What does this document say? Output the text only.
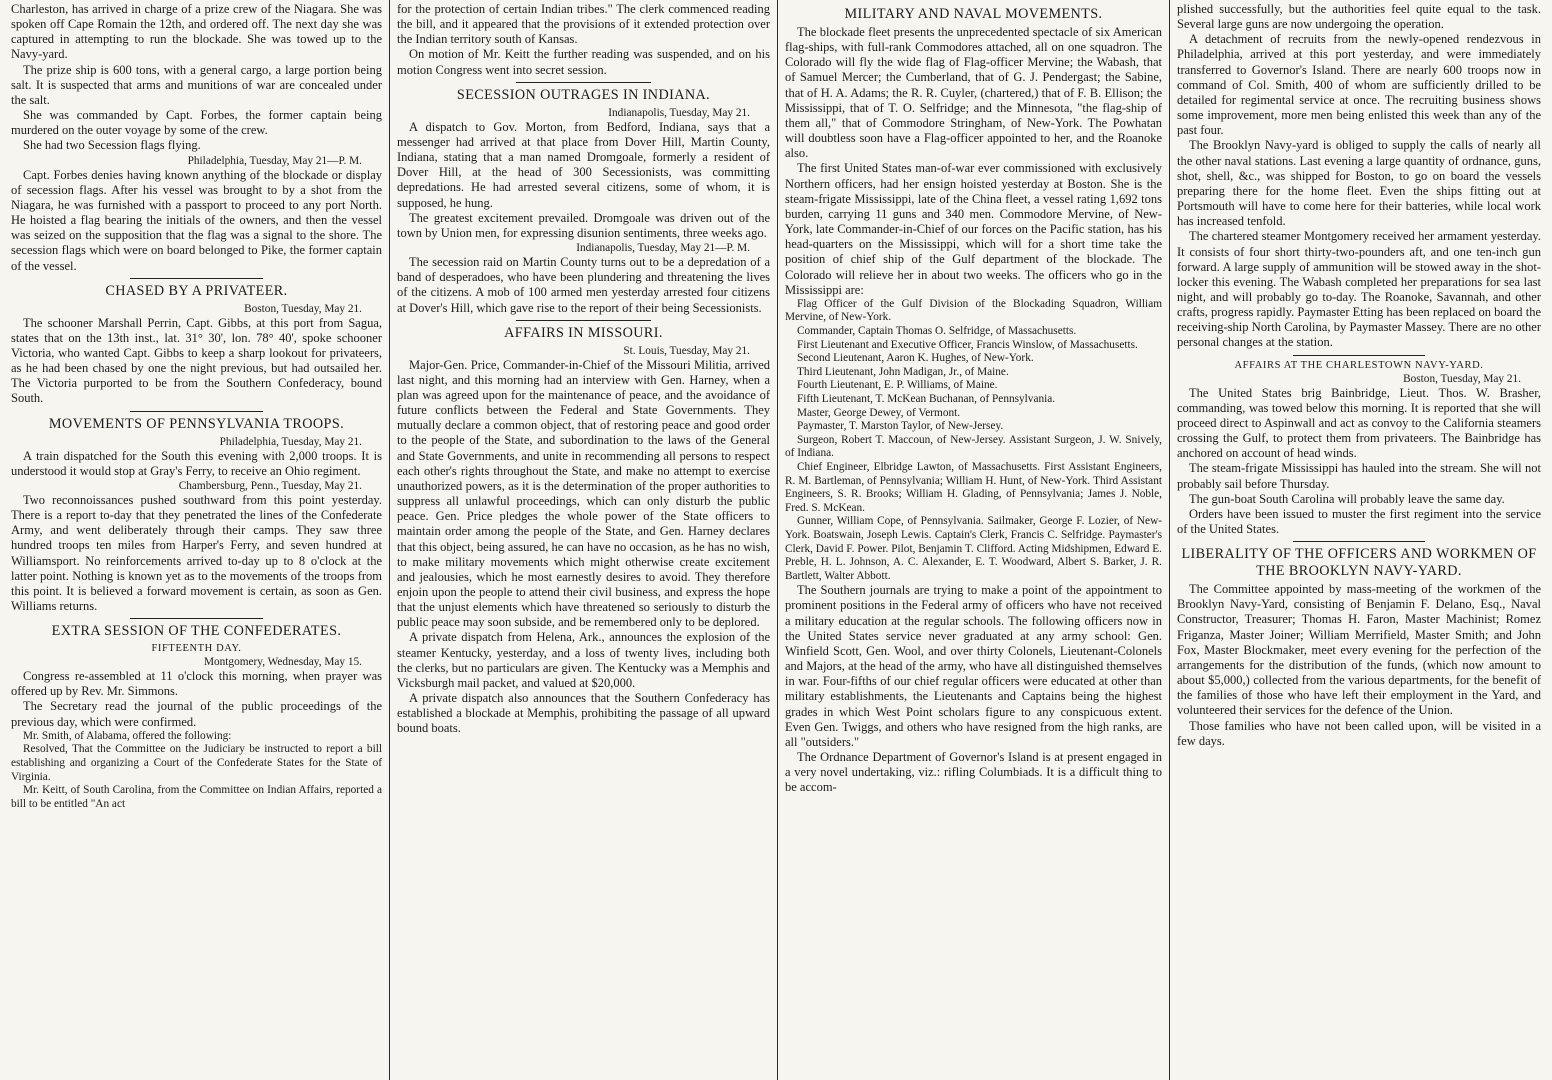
Charleston, has arrived in charge of a prize crew of the Niagara. She was spoken off Cape Romain the 12th, and ordered off. The next day she was captured in attempting to run the blockade. She was towed up to the Navy-yard.

The prize ship is 600 tons, with a general cargo, a large portion being salt. It is suspected that arms and munitions of war are concealed under the salt.

She was commanded by Capt. Forbes, the former captain being murdered on the outer voyage by some of the crew.

She had two Secession flags flying.

Philadelphia, Tuesday, May 21—P. M.

Capt. Forbes denies having known anything of the blockade or display of secession flags. After his vessel was brought to by a shot from the Niagara, he was furnished with a passport to proceed to any port North. He hoisted a flag bearing the initials of the owners, and then the vessel was seized on the supposition that the flag was a signal to the shore. The secession flags which were on board belonged to Pike, the former captain of the vessel.

CHASED BY A PRIVATEER.
Boston, Tuesday, May 21.

The schooner Marshall Perrin, Capt. Gibbs, at this port from Sagua, states that on the 13th inst., lat. 31° 30', lon. 78° 40', spoke schooner Victoria, who wanted Capt. Gibbs to keep a sharp lookout for privateers, as he had been chased by one the night previous, but had outsailed her. The Victoria purported to be from the Southern Confederacy, bound South.

MOVEMENTS OF PENNSYLVANIA TROOPS.
Philadelphia, Tuesday, May 21.

A train dispatched for the South this evening with 2,000 troops. It is understood it would stop at Gray's Ferry, to receive an Ohio regiment.

Chambersburg, Penn., Tuesday, May 21.

Two reconnoissances pushed southward from this point yesterday. There is a report to-day that they penetrated the lines of the Confederate Army, and went deliberately through their camps. They saw three hundred troops ten miles from Harper's Ferry, and seven hundred at Williamsport. No reinforcements arrived to-day up to 8 o'clock at the latter point. Nothing is known yet as to the movements of the troops from this point. It is believed a forward movement is certain, as soon as Gen. Williams returns.

EXTRA SESSION OF THE CONFEDERATES.
FIFTEENTH DAY.
Montgomery, Wednesday, May 15.

Congress re-assembled at 11 o'clock this morning, when prayer was offered up by Rev. Mr. Simmons.

The Secretary read the journal of the public proceedings of the previous day, which were confirmed.

Mr. Smith, of Alabama, offered the following:

Resolved, That the Committee on the Judiciary be instructed to report a bill establishing and organizing a Court of the Confederate States for the State of Virginia.

Mr. Keitt, of South Carolina, from the Committee on Indian Affairs, reported a bill to be entitled "An act

for the protection of certain Indian tribes." The clerk commenced reading the bill, and it appeared that the provisions of it extended protection over the Indian territory south of Kansas.

On motion of Mr. Keitt the further reading was suspended, and on his motion Congress went into secret session.

SECESSION OUTRAGES IN INDIANA.
Indianapolis, Tuesday, May 21.

A dispatch to Gov. Morton, from Bedford, Indiana, says that a messenger had arrived at that place from Dover Hill, Martin County, Indiana, stating that a man named Dromgoale, formerly a resident of Dover Hill, at the head of 300 Secessionists, was committing depredations. He had arrested several citizens, some of whom, it is supposed, he hung.

The greatest excitement prevailed. Dromgoale was driven out of the town by Union men, for expressing disunion sentiments, three weeks ago.

Indianapolis, Tuesday, May 21—P. M.

The secession raid on Martin County turns out to be a depredation of a band of desperadoes, who have been plundering and threatening the lives of the citizens. A mob of 100 armed men yesterday arrested four citizens at Dover's Hill, which gave rise to the report of their being Secessionists.

AFFAIRS IN MISSOURI.
St. Louis, Tuesday, May 21.

Major-Gen. Price, Commander-in-Chief of the Missouri Militia, arrived last night, and this morning had an interview with Gen. Harney, when a plan was agreed upon for the maintenance of peace, and the avoidance of future conflicts between the Federal and State Governments. They mutually declare a common object, that of restoring peace and good order to the people of the State, and subordination to the laws of the General and State Governments, and unite in recommending all persons to respect each other's rights throughout the State, and make no attempt to exercise unauthorized powers, as it is the determination of the proper authorities to suppress all unlawful proceedings, which can only disturb the public peace. Gen. Price pledges the whole power of the State officers to maintain order among the people of the State, and Gen. Harney declares that this object, being assured, he can have no occasion, as he has no wish, to make military movements which might otherwise create excitement and jealousies, which he most earnestly desires to avoid. They therefore enjoin upon the people to attend their civil business, and express the hope that the unjust elements which have threatened so seriously to disturb the public peace may soon subside, and be remembered only to be deplored.

A private dispatch from Helena, Ark., announces the explosion of the steamer Kentucky, yesterday, and a loss of twenty lives, including both the clerks, but no particulars are given. The Kentucky was a Memphis and Vicksburgh mail packet, and valued at $20,000.

A private dispatch also announces that the Southern Confederacy has established a blockade at Memphis, prohibiting the passage of all upward bound boats.

MILITARY AND NAVAL MOVEMENTS.

The blockade fleet presents the unprecedented spectacle of six American flag-ships, with full-rank Commodores attached, all on one squadron. The Colorado will fly the wide flag of Flag-officer Mervine; the Wabash, that of Samuel Mercer; the Cumberland, that of G. J. Pendergast; the Sabine, that of H. A. Adams; the R. R. Cuyler, (chartered,) that of F. B. Ellison; the Mississippi, that of T. O. Selfridge; and the Minnesota, "the flag-ship of them all," that of Commodore Stringham, of New-York. The Powhatan will doubtless soon have a Flag-officer appointed to her, and the Roanoke also.

The first United States man-of-war ever commissioned with exclusively Northern officers, had her ensign hoisted yesterday at Boston. She is the steam-frigate Mississippi, late of the China fleet, a vessel rating 1,692 tons burden, carrying 11 guns and 340 men. Commodore Mervine, of New-York, late Commander-in-Chief of our forces on the Pacific station, has his head-quarters on the Mississippi, which will for a short time take the position of chief ship of the Gulf department of the blockade. The Colorado will relieve her in about two weeks. The officers who go in the Mississippi are:

Flag Officer of the Gulf Division of the Blockading Squadron, William Mervine, of New-York.

Commander, Captain Thomas O. Selfridge, of Massachusetts.

First Lieutenant and Executive Officer, Francis Winslow, of Massachusetts.

Second Lieutenant, Aaron K. Hughes, of New-York.

Third Lieutenant, John Madigan, Jr., of Maine.

Fourth Lieutenant, E. P. Williams, of Maine.

Fifth Lieutenant, T. McKean Buchanan, of Pennsylvania.

Master, George Dewey, of Vermont.

Paymaster, T. Marston Taylor, of New-Jersey.

Surgeon, Robert T. Maccoun, of New-Jersey. Assistant Surgeon, J. W. Snively, of Indiana.

Chief Engineer, Elbridge Lawton, of Massachusetts. First Assistant Engineers, R. M. Bartleman, of Pennsylvania; William H. Hunt, of New-York. Third Assistant Engineers, S. R. Brooks; William H. Glading, of Pennsylvania; James J. Noble, Fred. S. McKean.

Gunner, William Cope, of Pennsylvania. Sailmaker, George F. Lozier, of New-York. Boatswain, Joseph Lewis. Captain's Clerk, Francis C. Selfridge. Paymaster's Clerk, David F. Power. Pilot, Benjamin T. Clifford. Acting Midshipmen, Edward E. Preble, H. L. Johnson, A. C. Alexander, E. T. Woodward, Albert S. Barker, J. R. Bartlett, Walter Abbott.

The Southern journals are trying to make a point of the appointment to prominent positions in the Federal army of officers who have not received a military education at the regular schools. The following officers now in the United States service never graduated at any army school: Gen. Winfield Scott, Gen. Wool, and over thirty Colonels, Lieutenant-Colonels and Majors, at the head of the army, who have all distinguished themselves in war. Four-fifths of our chief regular officers were educated at other than military establishments, the Lieutenants and Captains being the highest grades in which West Point scholars figure to any conspicuous extent. Even Gen. Twiggs, and others who have resigned from the high ranks, are all "outsiders."

The Ordnance Department of Governor's Island is at present engaged in a very novel undertaking, viz.: rifling Columbiads. It is a difficult thing to be accom-

plished successfully, but the authorities feel quite equal to the task. Several large guns are now undergoing the operation.

A detachment of recruits from the newly-opened rendezvous in Philadelphia, arrived at this port yesterday, and were immediately transferred to Governor's Island. There are nearly 600 troops now in command of Col. Smith, 400 of whom are sufficiently drilled to be detailed for regimental service at once. The recruiting business shows some improvement, more men being enlisted this week than any of the past four.

The Brooklyn Navy-yard is obliged to supply the calls of nearly all the other naval stations. Last evening a large quantity of ordnance, guns, shot, shell, &c., was shipped for Boston, to go on board the vessels preparing there for the home fleet. Even the ships fitting out at Portsmouth will have to come here for their batteries, while local work has increased tenfold.

The chartered steamer Montgomery received her armament yesterday. It consists of four short thirty-two-pounders aft, and one ten-inch gun forward. A large supply of ammunition will be stowed away in the shot-locker this evening. The Wabash completed her preparations for sea last night, and will probably go to-day. The Roanoke, Savannah, and other crafts, progress rapidly. Paymaster Etting has been replaced on board the receiving-ship North Carolina, by Paymaster Massey. There are no other personal changes at the station.

AFFAIRS AT THE CHARLESTOWN NAVY-YARD.
Boston, Tuesday, May 21.

The United States brig Bainbridge, Lieut. Thos. W. Brasher, commanding, was towed below this morning. It is reported that she will proceed direct to Aspinwall and act as convoy to the California steamers crossing the Gulf, to protect them from privateers. The Bainbridge has anchored on account of head winds.

The steam-frigate Mississippi has hauled into the stream. She will not probably sail before Thursday.

The gun-boat South Carolina will probably leave the same day.

Orders have been issued to muster the first regiment into the service of the United States.

LIBERALITY OF THE OFFICERS AND WORKMEN OF THE BROOKLYN NAVY-YARD.

The Committee appointed by mass-meeting of the workmen of the Brooklyn Navy-Yard, consisting of Benjamin F. Delano, Esq., Naval Constructor, Treasurer; Thomas H. Faron, Master Machinist; Romez Friganza, Master Joiner; William Merrifield, Master Smith; and John Fox, Master Blockmaker, meet every evening for the perfection of the arrangements for the distribution of the funds, (which now amount to about $5,000,) collected from the various departments, for the benefit of the families of those who have left their employment in the Yard, and volunteered their services for the defence of the Union.

Those families who have not been called upon, will be visited in a few days.
